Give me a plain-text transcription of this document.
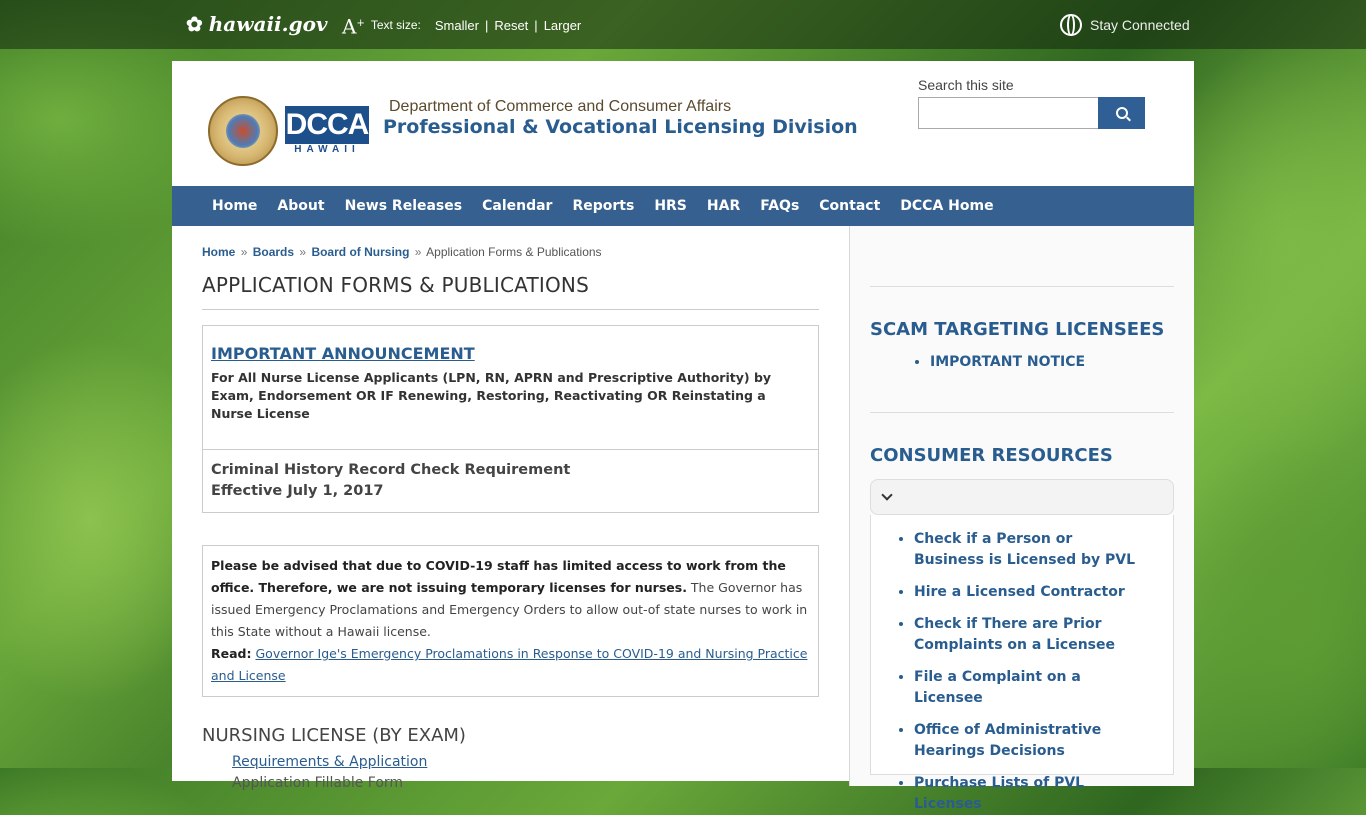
✿ hawaii.gov A+ Text size: Smaller | Reset | Larger	Stay Connected
DCCA
HAWAII
Department of Commerce and Consumer Affairs
Professional & Vocational Licensing Division
Search this site
Home	About	News Releases	Calendar	Reports	HRS	HAR	FAQs	Contact	DCCA Home
Home » Boards » Board of Nursing » Application Forms & Publications
APPLICATION FORMS & PUBLICATIONS
IMPORTANT ANNOUNCEMENT
For All Nurse License Applicants (LPN, RN, APRN and Prescriptive Authority) by Exam, Endorsement OR IF Renewing, Restoring, Reactivating OR Reinstating a Nurse License
Criminal History Record Check Requirement
Effective July 1, 2017
Please be advised that due to COVID-19 staff has limited access to work from the office. Therefore, we are not issuing temporary licenses for nurses. The Governor has issued Emergency Proclamations and Emergency Orders to allow out-of state nurses to work in this State without a Hawaii license.
Read: Governor Ige's Emergency Proclamations in Response to COVID-19 and Nursing Practice and License
NURSING LICENSE (BY EXAM)
Requirements & Application
Application Fillable Form
SCAM TARGETING LICENSEES
• IMPORTANT NOTICE
CONSUMER RESOURCES
• Check if a Person or Business is Licensed by PVL
• Hire a Licensed Contractor
• Check if There are Prior Complaints on a Licensee
• File a Complaint on a Licensee
• Office of Administrative Hearings Decisions
• Purchase Lists of PVL Licenses
